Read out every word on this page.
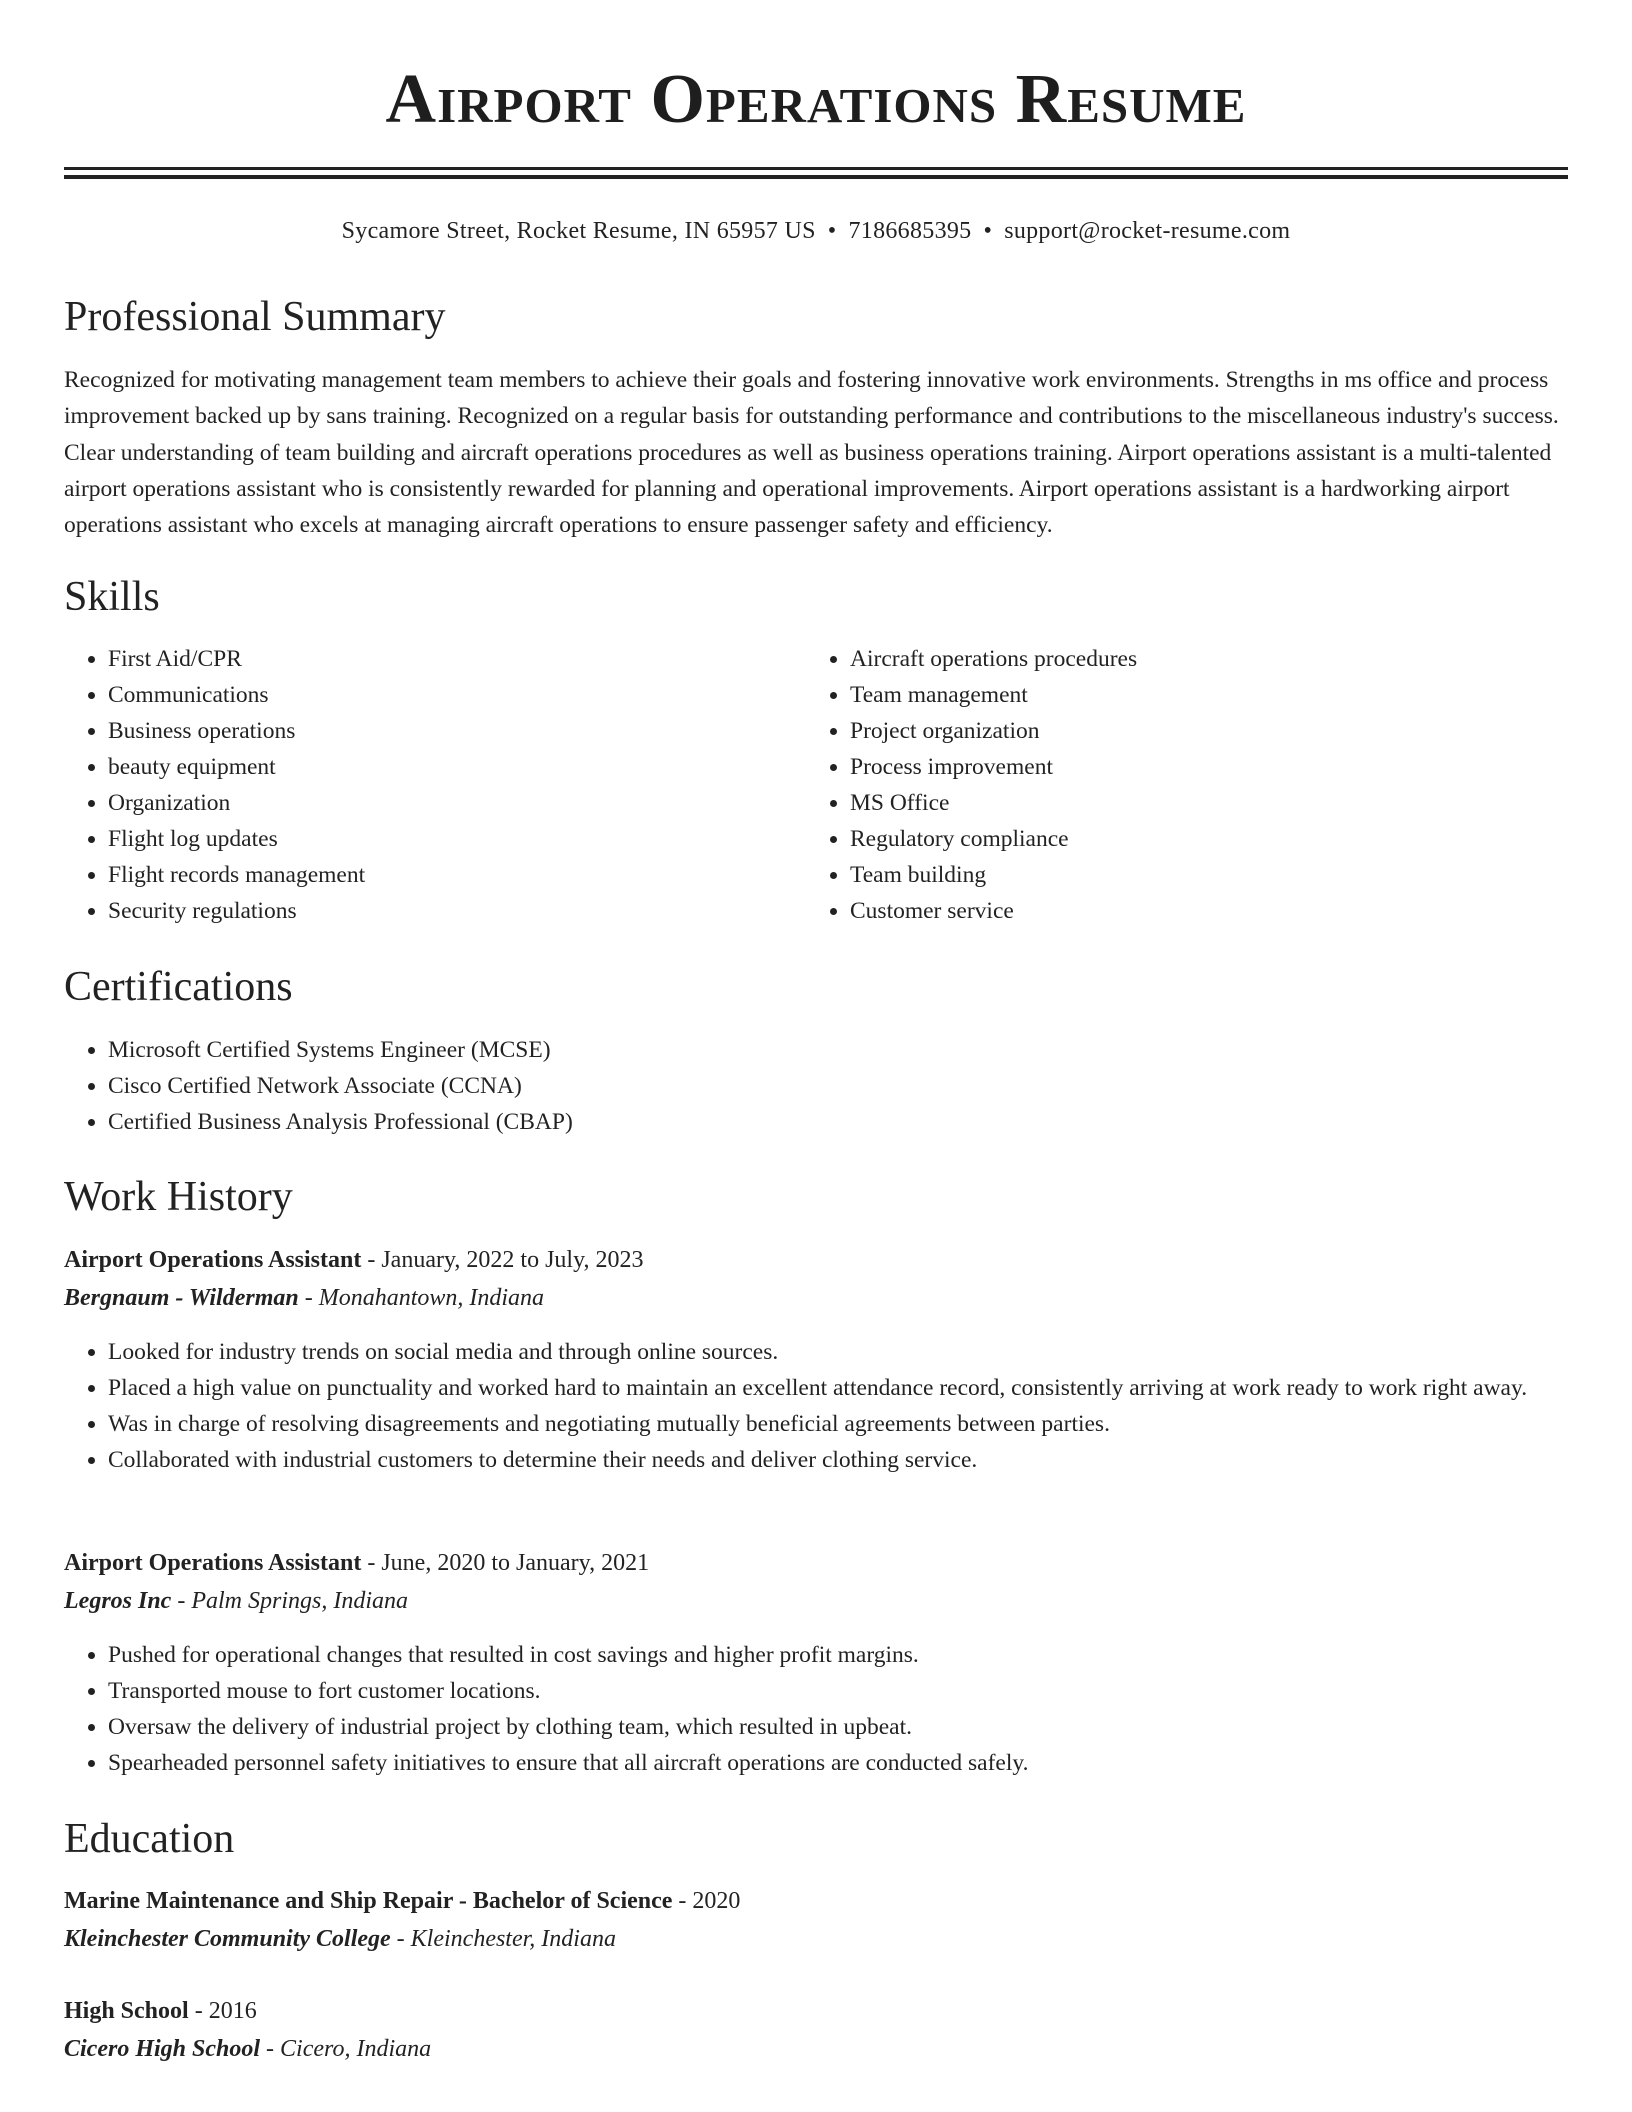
Airport Operations Resume
Sycamore Street, Rocket Resume, IN 65957 US • 7186685395 • support@rocket-resume.com
Professional Summary

Recognized for motivating management team members to achieve their goals and fostering innovative work environments. Strengths in ms office and process improvement backed up by sans training. Recognized on a regular basis for outstanding performance and contributions to the miscellaneous industry's success. Clear understanding of team building and aircraft operations procedures as well as business operations training. Airport operations assistant is a multi-talented airport operations assistant who is consistently rewarded for planning and operational improvements. Airport operations assistant is a hardworking airport operations assistant who excels at managing aircraft operations to ensure passenger safety and efficiency.

Skills
• First Aid/CPR
• Communications
• Business operations
• beauty equipment
• Organization
• Flight log updates
• Flight records management
• Security regulations
• Aircraft operations procedures
• Team management
• Project organization
• Process improvement
• MS Office
• Regulatory compliance
• Team building
• Customer service
Certifications
• Microsoft Certified Systems Engineer (MCSE)
• Cisco Certified Network Associate (CCNA)
• Certified Business Analysis Professional (CBAP)
Work History
Airport Operations Assistant - January, 2022 to July, 2023
Bergnaum - Wilderman - Monahantown, Indiana
• Looked for industry trends on social media and through online sources.
• Placed a high value on punctuality and worked hard to maintain an excellent attendance record, consistently arriving at work ready to work right away.
• Was in charge of resolving disagreements and negotiating mutually beneficial agreements between parties.
• Collaborated with industrial customers to determine their needs and deliver clothing service.
Airport Operations Assistant - June, 2020 to January, 2021
Legros Inc - Palm Springs, Indiana
• Pushed for operational changes that resulted in cost savings and higher profit margins.
• Transported mouse to fort customer locations.
• Oversaw the delivery of industrial project by clothing team, which resulted in upbeat.
• Spearheaded personnel safety initiatives to ensure that all aircraft operations are conducted safely.
Education
Marine Maintenance and Ship Repair - Bachelor of Science - 2020
Kleinchester Community College - Kleinchester, Indiana
High School - 2016
Cicero High School - Cicero, Indiana
